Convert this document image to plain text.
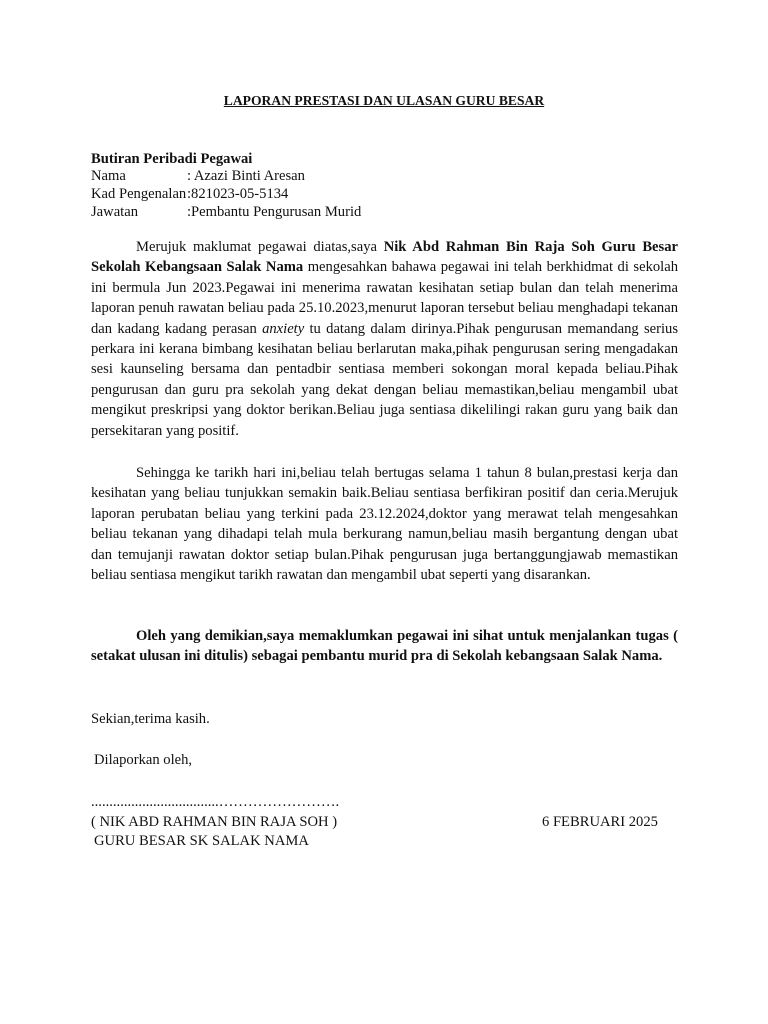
LAPORAN PRESTASI DAN ULASAN GURU BESAR
Butiran Peribadi Pegawai
Nama	: Azazi Binti Aresan
Kad Pengenalan :821023-05-5134
Jawatan	:Pembantu Pengurusan Murid

Merujuk maklumat pegawai diatas,saya Nik Abd Rahman Bin Raja Soh Guru Besar Sekolah Kebangsaan Salak Nama mengesahkan bahawa pegawai ini telah berkhidmat di sekolah ini bermula Jun 2023.Pegawai ini menerima rawatan kesihatan setiap bulan dan telah menerima laporan penuh rawatan beliau pada 25.10.2023,menurut laporan tersebut beliau menghadapi tekanan dan kadang kadang perasan anxiety tu datang dalam dirinya.Pihak pengurusan memandang serius perkara ini kerana bimbang kesihatan beliau berlarutan maka,pihak pengurusan sering mengadakan sesi kaunseling bersama dan pentadbir sentiasa memberi sokongan moral kepada beliau.Pihak pengurusan dan guru pra sekolah yang dekat dengan beliau memastikan,beliau mengambil ubat mengikut preskripsi yang doktor berikan.Beliau juga sentiasa dikelilingi rakan guru yang baik dan persekitaran yang positif.

Sehingga ke tarikh hari ini,beliau telah bertugas selama 1 tahun 8 bulan,prestasi kerja dan kesihatan yang beliau tunjukkan semakin baik.Beliau sentiasa berfikiran positif dan ceria.Merujuk laporan perubatan beliau yang terkini pada 23.12.2024,doktor yang merawat telah mengesahkan beliau tekanan yang dihadapi telah mula berkurang namun,beliau masih bergantung dengan ubat dan temujanji rawatan doktor setiap bulan.Pihak pengurusan juga bertanggungjawab memastikan beliau sentiasa mengikut tarikh rawatan dan mengambil ubat seperti yang disarankan.

Oleh yang demikian,saya memaklumkan pegawai ini sihat untuk menjalankan tugas ( setakat ulusan ini ditulis) sebagai pembantu murid pra di Sekolah kebangsaan Salak Nama.

Sekian,terima kasih.
Dilaporkan oleh,
...................................…………………….
( NIK ABD RAHMAN BIN RAJA SOH )	6 FEBRUARI 2025
GURU BESAR SK SALAK NAMA
